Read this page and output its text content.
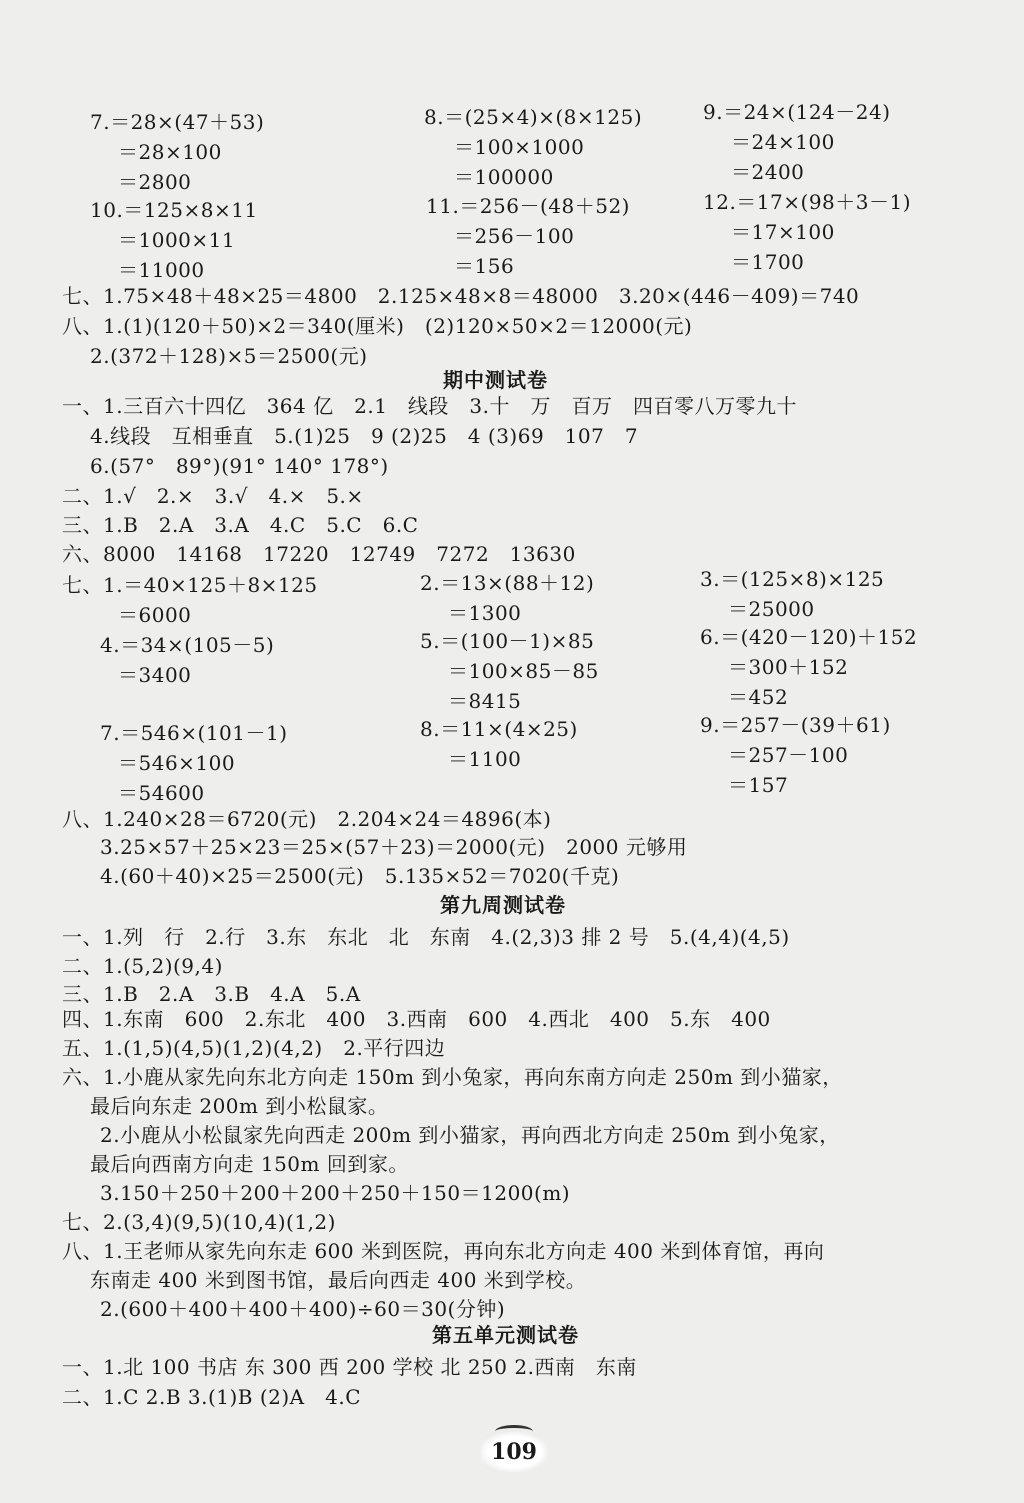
7.＝28×(47＋53)
＝28×100
＝2800
8.＝(25×4)×(8×125)
＝100×1000
＝100000
9.＝24×(124－24)
＝24×100
＝2400
10.＝125×8×11
＝1000×11
＝11000
11.＝256－(48＋52)
＝256－100
＝156
12.＝17×(98＋3－1)
＝17×100
＝1700
七、1.75×48＋48×25＝4800　2.125×48×8＝48000　3.20×(446－409)＝740
八、1.(1)(120＋50)×2＝340(厘米)　(2)120×50×2＝12000(元)
2.(372＋128)×5＝2500(元)
期中测试卷
一、1.三百六十四亿　364 亿　2.1　线段　3.十　万　百万　四百零八万零九十
4.线段　互相垂直　5.(1)25　9 (2)25　4 (3)69　107　7
6.(57°　89°)(91° 140° 178°)
二、1.√　2.×　3.√　4.×　5.×
三、1.B　2.A　3.A　4.C　5.C　6.C
六、8000　14168　17220　12749　7272　13630
七、1.＝40×125＋8×125
＝6000
2.＝13×(88＋12)
＝1300
3.＝(125×8)×125
＝25000
4.＝34×(105－5)
＝3400
5.＝(100－1)×85
＝100×85－85
＝8415
6.＝(420－120)＋152
＝300＋152
＝452
7.＝546×(101－1)
＝546×100
＝54600
8.＝11×(4×25)
＝1100
9.＝257－(39＋61)
＝257－100
＝157
八、1.240×28＝6720(元)　2.204×24＝4896(本)
3.25×57＋25×23＝25×(57＋23)＝2000(元)　2000 元够用
4.(60＋40)×25＝2500(元)　5.135×52＝7020(千克)
第九周测试卷
一、1.列　行　2.行　3.东　东北　北　东南　4.(2,3)3 排 2 号　5.(4,4)(4,5)
二、1.(5,2)(9,4)
三、1.B　2.A　3.B　4.A　5.A
四、1.东南　600　2.东北　400　3.西南　600　4.西北　400　5.东　400
五、1.(1,5)(4,5)(1,2)(4,2)　2.平行四边
六、1.小鹿从家先向东北方向走 150m 到小兔家，再向东南方向走 250m 到小猫家，
最后向东走 200m 到小松鼠家。
2.小鹿从小松鼠家先向西走 200m 到小猫家，再向西北方向走 250m 到小兔家，
最后向西南方向走 150m 回到家。
3.150＋250＋200＋200＋250＋150＝1200(m)
七、2.(3,4)(9,5)(10,4)(1,2)
八、1.王老师从家先向东走 600 米到医院，再向东北方向走 400 米到体育馆，再向
东南走 400 米到图书馆，最后向西走 400 米到学校。
2.(600＋400＋400＋400)÷60＝30(分钟)
第五单元测试卷
一、1.北 100 书店 东 300 西 200 学校 北 250 2.西南　东南
二、1.C 2.B 3.(1)B (2)A　4.C
109
